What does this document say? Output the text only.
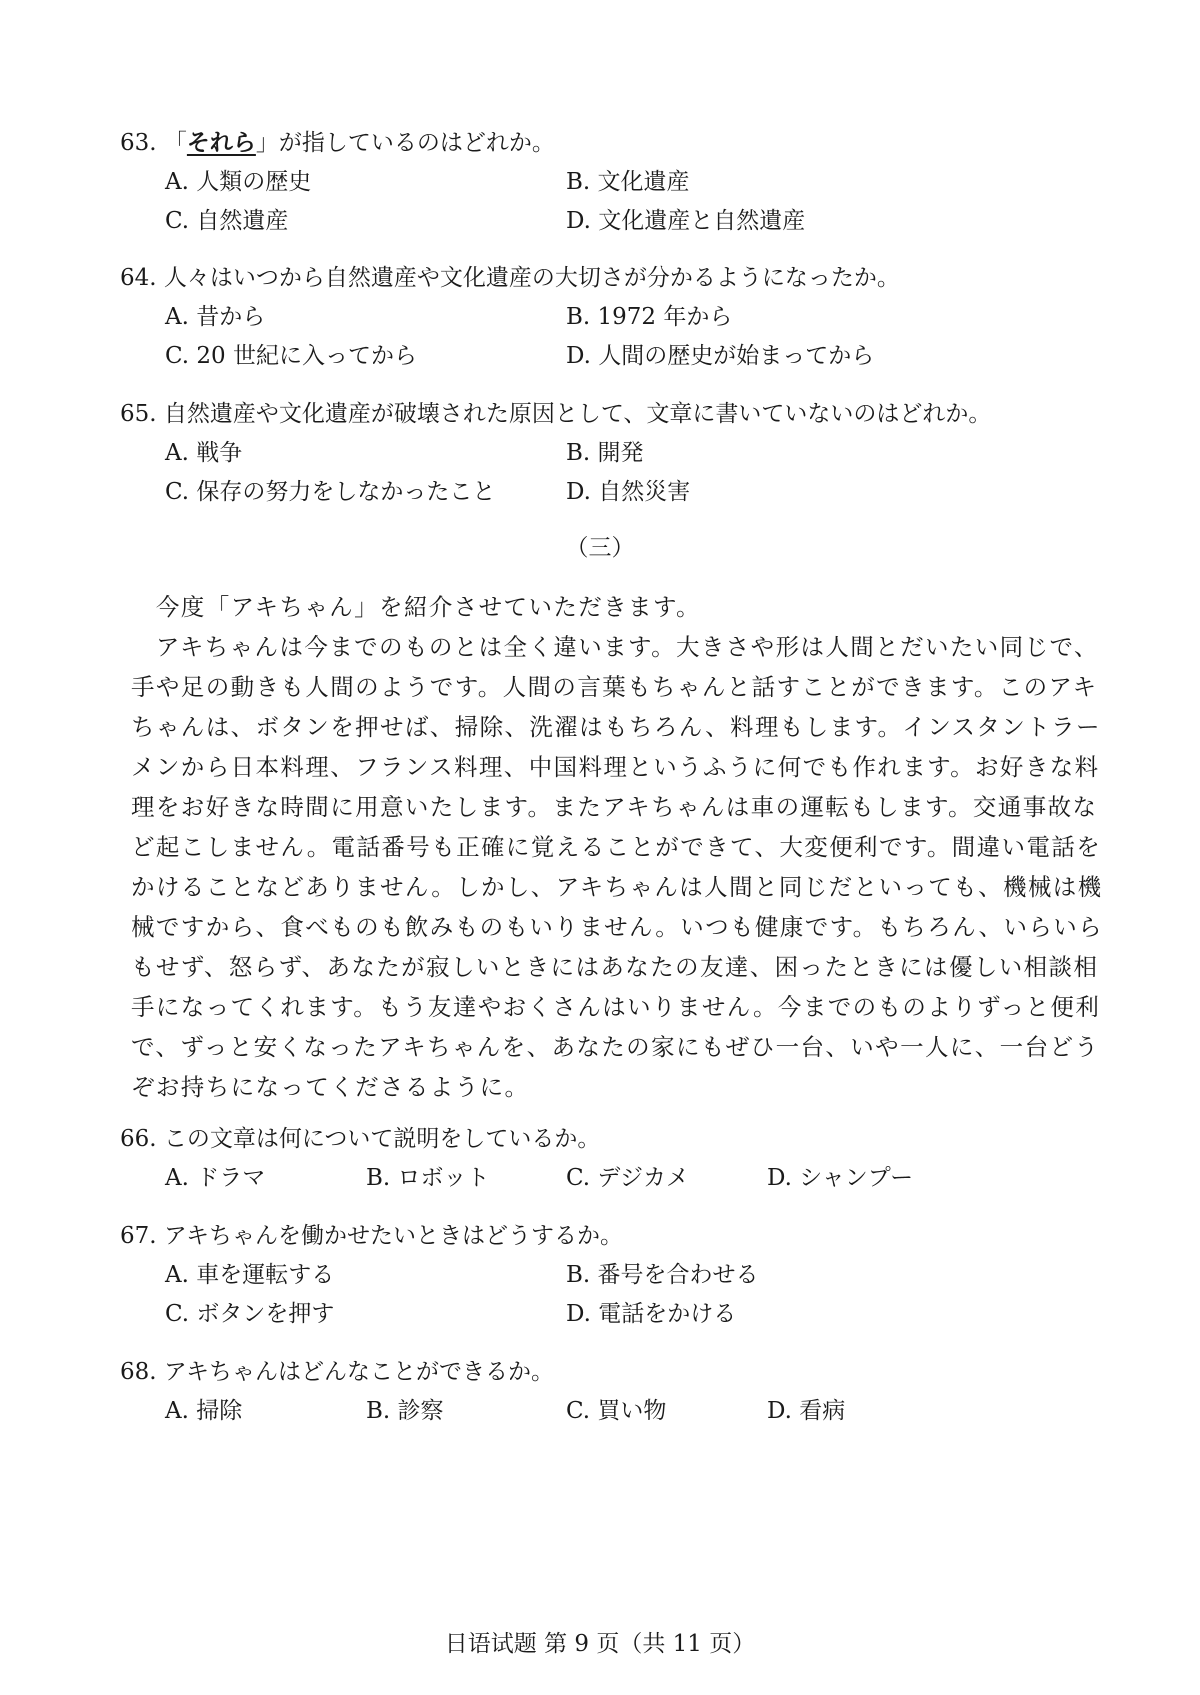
63. 「それら」が指しているのはどれか。
A. 人類の歴史	B. 文化遺産
C. 自然遺産	D. 文化遺産と自然遺産
64. 人々はいつから自然遺産や文化遺産の大切さが分かるようになったか。
A. 昔から	B. 1972 年から
C. 20 世紀に入ってから	D. 人間の歴史が始まってから
65. 自然遺産や文化遺産が破壊された原因として、文章に書いていないのはどれか。
A. 戦争	B. 開発
C. 保存の努力をしなかったこと	D. 自然災害
（三）

　今度「アキちゃん」を紹介させていただきます。

　アキちゃんは今までのものとは全く違います。大きさや形は人間とだいたい同じで、

手や足の動きも人間のようです。人間の言葉もちゃんと話すことができます。このアキ

ちゃんは、ボタンを押せば、掃除、洗濯はもちろん、料理もします。インスタントラー

メンから日本料理、フランス料理、中国料理というふうに何でも作れます。お好きな料

理をお好きな時間に用意いたします。またアキちゃんは車の運転もします。交通事故な

ど起こしません。電話番号も正確に覚えることができて、大変便利です。間違い電話を

かけることなどありません。しかし、アキちゃんは人間と同じだといっても、機械は機

械ですから、食べものも飲みものもいりません。いつも健康です。もちろん、いらいら

もせず、怒らず、あなたが寂しいときにはあなたの友達、困ったときには優しい相談相

手になってくれます。もう友達やおくさんはいりません。今までのものよりずっと便利

で、ずっと安くなったアキちゃんを、あなたの家にもぜひ一台、いや一人に、一台どう

ぞお持ちになってくださるように。

66. この文章は何について説明をしているか。
A. ドラマ	B. ロボット	C. デジカメ	D. シャンプー
67. アキちゃんを働かせたいときはどうするか。
A. 車を運転する	B. 番号を合わせる
C. ボタンを押す	D. 電話をかける
68. アキちゃんはどんなことができるか。
A. 掃除	B. 診察	C. 買い物	D. 看病
日语试题 第 9 页（共 11 页）
